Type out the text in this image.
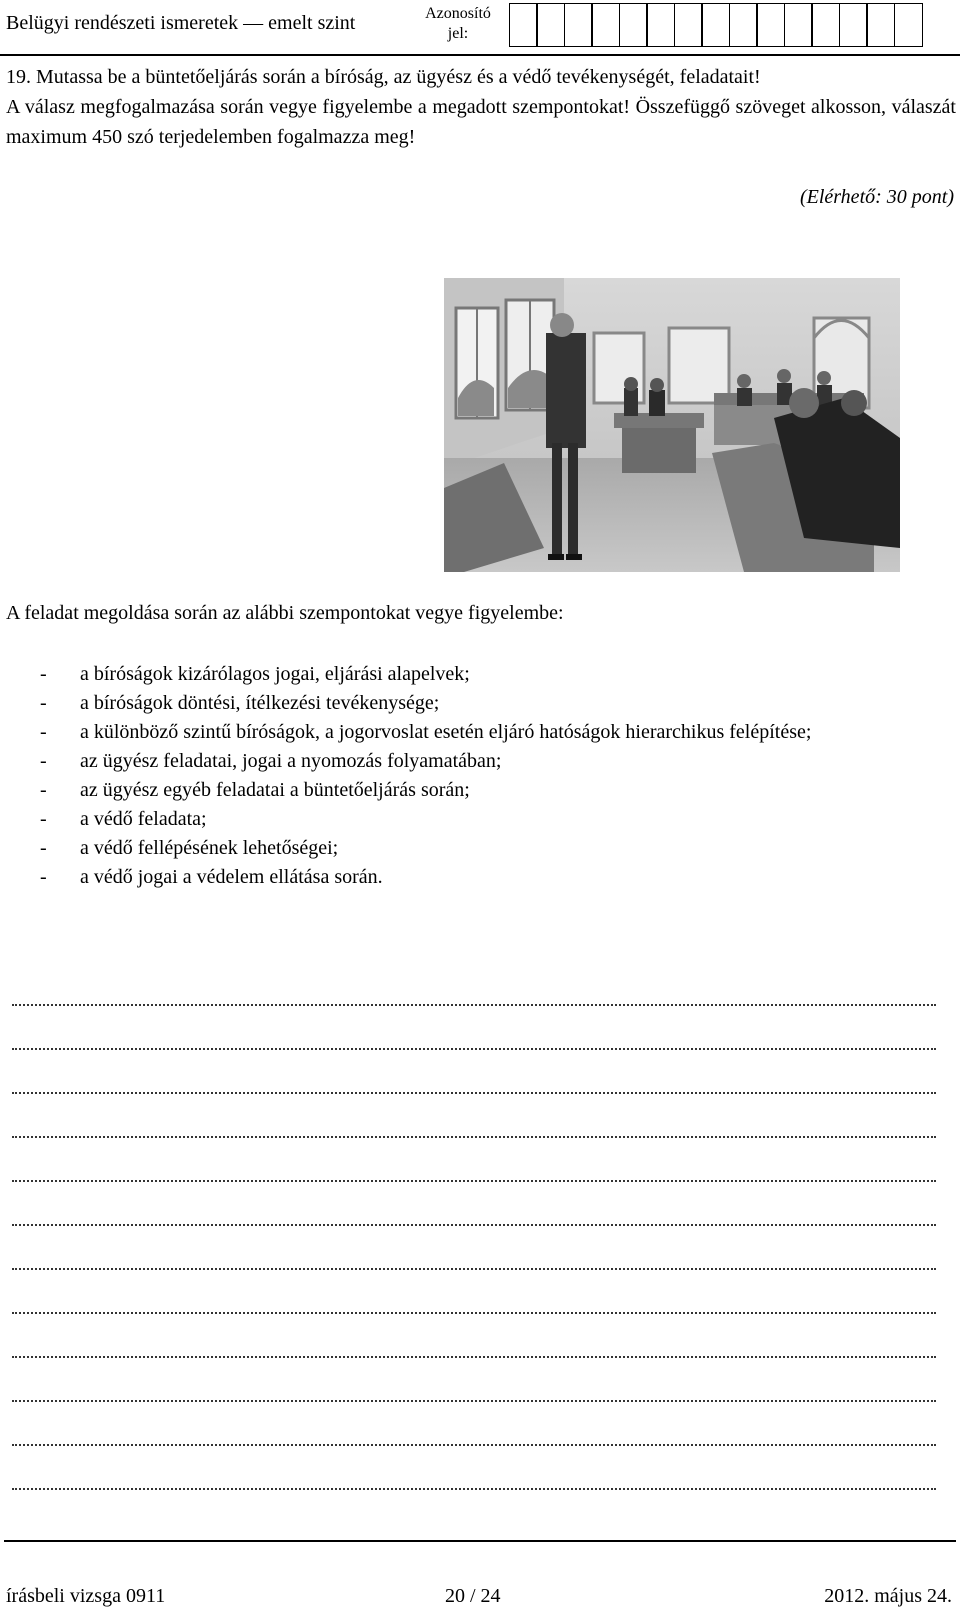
Belügyi rendészeti ismeretek — emelt szint	Azonosító jel:

19. Mutassa be a büntetőeljárás során a bíróság, az ügyész és a védő tevékenységét, feladatait!

A válasz megfogalmazása során vegye figyelembe a megadott szempontokat! Összefüggő szöveget alkosson, válaszát maximum 450 szó terjedelemben fogalmazza meg!

(Elérhető: 30 pont)
A feladat megoldása során az alábbi szempontokat vegye figyelembe:
-	a bíróságok kizárólagos jogai, eljárási alapelvek;
-	a bíróságok döntési, ítélkezési tevékenysége;
-	a különböző szintű bíróságok, a jogorvoslat esetén eljáró hatóságok hierarchikus felépítése;
-	az ügyész feladatai, jogai a nyomozás folyamatában;
-	az ügyész egyéb feladatai a büntetőeljárás során;
-	a védő feladata;
-	a védő fellépésének lehetőségei;
-	a védő jogai a védelem ellátása során.
írásbeli vizsga 0911	20 / 24	2012. május 24.
